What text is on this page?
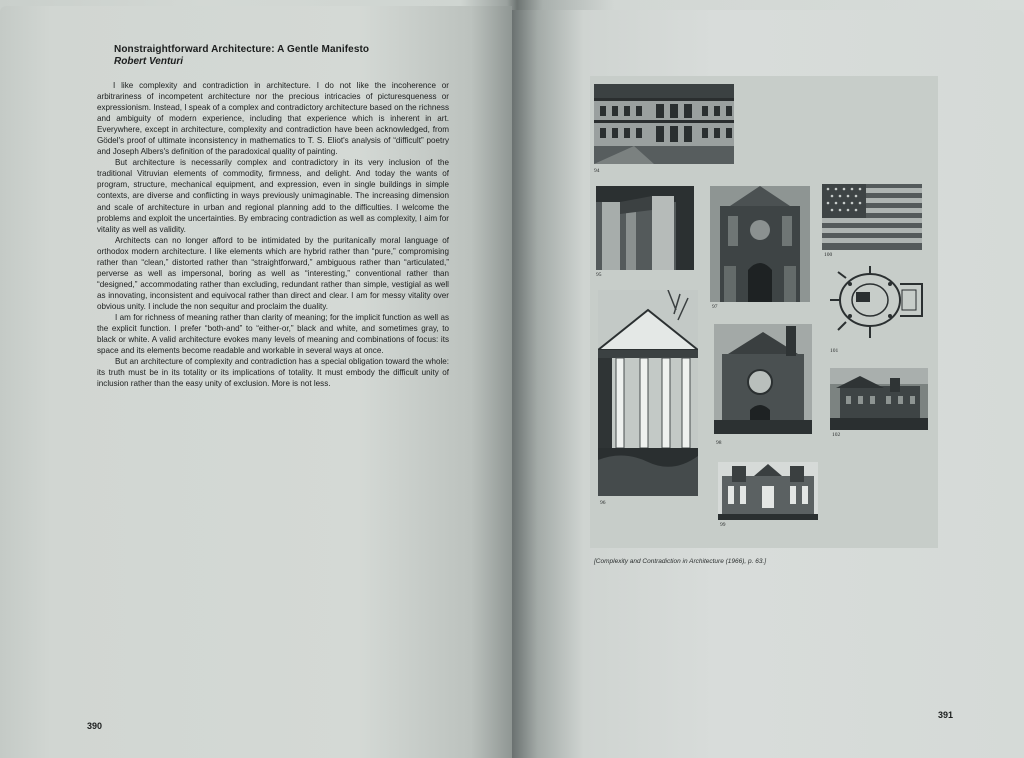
Nonstraightforward Architecture: A Gentle Manifesto
Robert Venturi

I like complexity and contradiction in architecture. I do not like the incoherence or arbitrariness of incompetent architecture nor the precious intricacies of picturesqueness or expressionism. Instead, I speak of a complex and contradictory architecture based on the richness and ambiguity of modern experience, including that experience which is inherent in art. Everywhere, except in architecture, complexity and contradiction have been acknowledged, from Gödel's proof of ultimate inconsistency in mathematics to T. S. Eliot's analysis of “difficult” poetry and Joseph Albers's definition of the paradoxical quality of painting.

But architecture is necessarily complex and contradictory in its very inclusion of the traditional Vitruvian elements of commodity, firmness, and delight. And today the wants of program, structure, mechanical equipment, and expression, even in single buildings in simple contexts, are diverse and conflicting in ways previously unimaginable. The increasing dimension and scale of architecture in urban and regional planning add to the difficulties. I welcome the problems and exploit the uncertainties. By embracing contradiction as well as complexity, I aim for vitality as well as validity.

Architects can no longer afford to be intimidated by the puritanically moral language of orthodox modern architecture. I like elements which are hybrid rather than “pure,” compromising rather than “clean,” distorted rather than “straightforward,” ambiguous rather than “articulated,” perverse as well as impersonal, boring as well as “interesting,” conventional rather than “designed,” accommodating rather than excluding, redundant rather than simple, vestigial as well as innovating, inconsistent and equivocal rather than direct and clear. I am for messy vitality over obvious unity. I include the non sequitur and proclaim the duality.

I am for richness of meaning rather than clarity of meaning; for the implicit function as well as the explicit function. I prefer “both-and” to “either-or,” black and white, and sometimes gray, to black or white. A valid architecture evokes many levels of meaning and combinations of focus: its space and its elements become readable and workable in several ways at once.

But an architecture of complexity and contradiction has a special obligation toward the whole: its truth must be in its totality or its implications of totality. It must embody the difficult unity of inclusion rather than the easy unity of exclusion. More is not less.

390
94
95
96
97
98
99
100
101
102
[Complexity and Contradiction in Architecture (1966), p. 63.]
391
